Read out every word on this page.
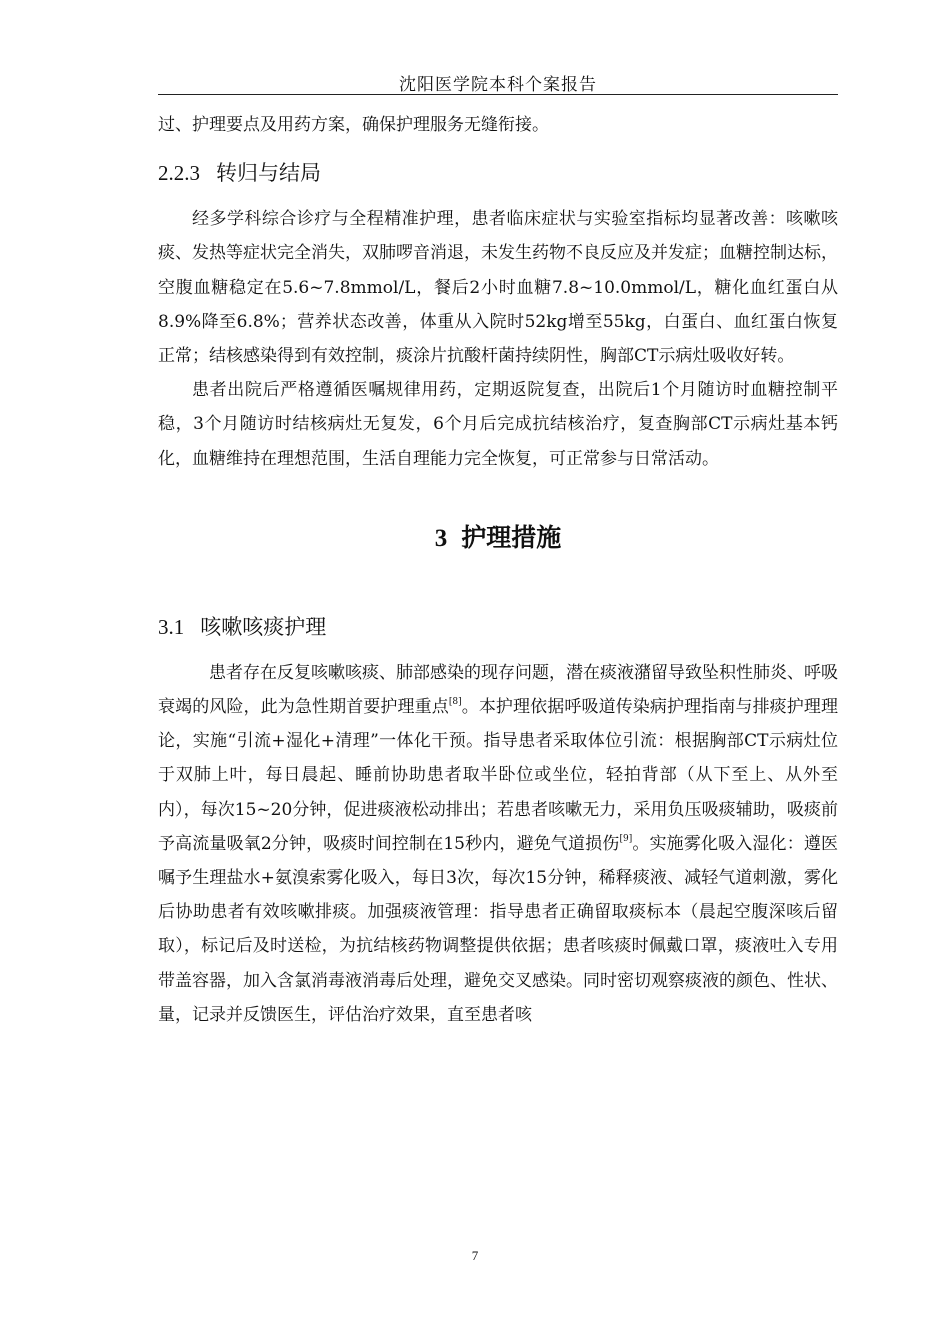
沈阳医学院本科个案报告

过、护理要点及用药方案，确保护理服务无缝衔接。

2.2.3 转归与结局

经多学科综合诊疗与全程精准护理，患者临床症状与实验室指标均显著改善：咳嗽咳痰、发热等症状完全消失，双肺啰音消退，未发生药物不良反应及并发症；血糖控制达标，空腹血糖稳定在5.6~7.8mmol/L，餐后2小时血糖7.8~10.0mmol/L，糖化血红蛋白从8.9%降至6.8%；营养状态改善，体重从入院时52kg增至55kg，白蛋白、血红蛋白恢复正常；结核感染得到有效控制，痰涂片抗酸杆菌持续阴性，胸部CT示病灶吸收好转。

患者出院后严格遵循医嘱规律用药，定期返院复查，出院后1个月随访时血糖控制平稳，3个月随访时结核病灶无复发，6个月后完成抗结核治疗，复查胸部CT示病灶基本钙化，血糖维持在理想范围，生活自理能力完全恢复，可正常参与日常活动。

3 护理措施
3.1 咳嗽咳痰护理

患者存在反复咳嗽咳痰、肺部感染的现存问题，潜在痰液潴留导致坠积性肺炎、呼吸衰竭的风险，此为急性期首要护理重点[8]。本护理依据呼吸道传染病护理指南与排痰护理理论，实施“引流+湿化+清理”一体化干预。指导患者采取体位引流：根据胸部CT示病灶位于双肺上叶，每日晨起、睡前协助患者取半卧位或坐位，轻拍背部（从下至上、从外至内），每次15~20分钟，促进痰液松动排出；若患者咳嗽无力，采用负压吸痰辅助，吸痰前予高流量吸氧2分钟，吸痰时间控制在15秒内，避免气道损伤[9]。实施雾化吸入湿化：遵医嘱予生理盐水+氨溴索雾化吸入，每日3次，每次15分钟，稀释痰液、减轻气道刺激，雾化后协助患者有效咳嗽排痰。加强痰液管理：指导患者正确留取痰标本（晨起空腹深咳后留取），标记后及时送检，为抗结核药物调整提供依据；患者咳痰时佩戴口罩，痰液吐入专用带盖容器，加入含氯消毒液消毒后处理，避免交叉感染。同时密切观察痰液的颜色、性状、量，记录并反馈医生，评估治疗效果，直至患者咳

7
